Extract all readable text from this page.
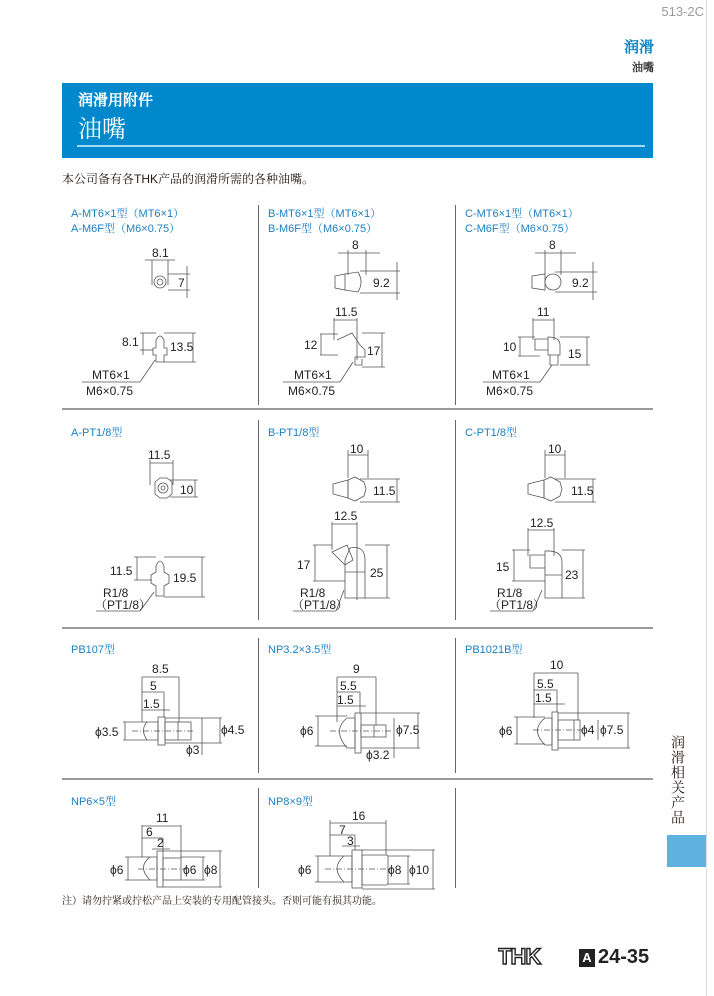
513-2C
润滑
油嘴
润滑用附件
油嘴
本公司备有各THK产品的润滑所需的各种油嘴。
A-MT6×1型（MT6×1）
A-M6F型（M6×0.75）
B-MT6×1型（MT6×1）
B-M6F型（M6×0.75）
C-MT6×1型（MT6×1）
C-M6F型（M6×0.75）
A-PT1/8型	B-PT1/8型	C-PT1/8型
PB107型	NP3.2×3.5型	PB1021B型
NP6×5型	NP8×9型
8.1
7
8.1	13.5
MT6×1
M6×0.75
8
9.2
11.5
12	17
MT6×1
M6×0.75
8
9.2
11
10	15
MT6×1
M6×0.75
11.5
10
11.5	19.5
R1/8
（PT1/8）
10
11.5
12.5
17
25
R1/8
（PT1/8）
10
11.5
12.5
15
23
R1/8
（PT1/8）
8.5
5
1.5
ϕ3.5	ϕ4.5
ϕ3
9
5.5
1.5
ϕ6	ϕ7.5
ϕ3.2
10
5.5
1.5
ϕ6	ϕ4 ϕ7.5
11
6
2
ϕ6	ϕ6 ϕ8
16
7
3
ϕ6	ϕ8 ϕ10
注）请勿拧紧或拧松产品上安装的专用配管接头。否则可能有损其功能。
润滑相关产品
THK	A 24-35
